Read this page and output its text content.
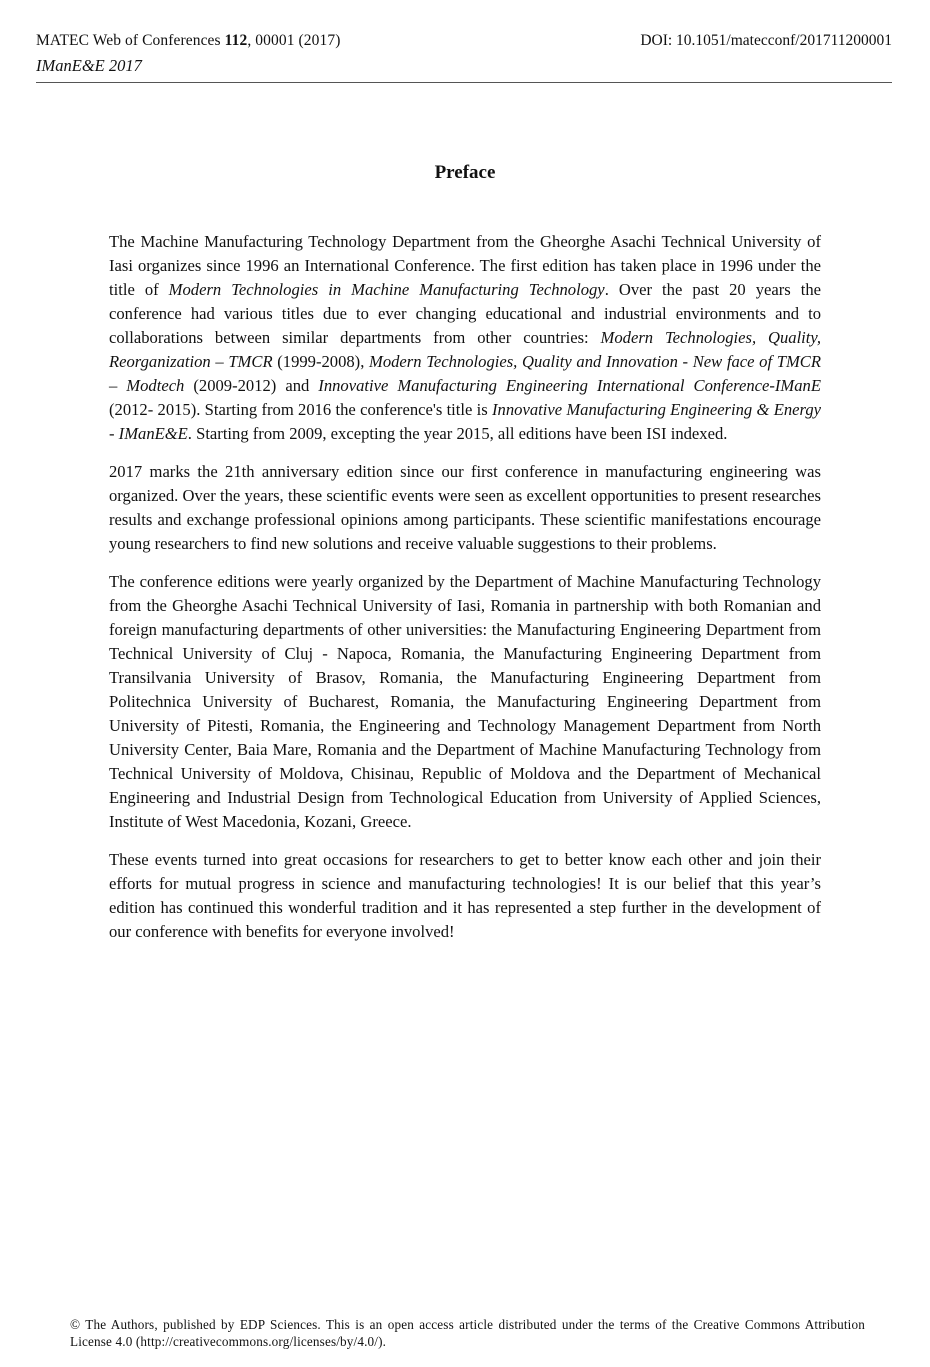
MATEC Web of Conferences 112, 00001 (2017)
IManE&E 2017
DOI: 10.1051/matecconf/201711200001
Preface

The Machine Manufacturing Technology Department from the Gheorghe Asachi Technical University of Iasi organizes since 1996 an International Conference. The first edition has taken place in 1996 under the title of Modern Technologies in Machine Manufacturing Technology. Over the past 20 years the conference had various titles due to ever changing educational and industrial environments and to collaborations between similar departments from other countries: Modern Technologies, Quality, Reorganization – TMCR (1999-2008), Modern Technologies, Quality and Innovation - New face of TMCR – Modtech (2009-2012) and Innovative Manufacturing Engineering International Conference-IManE (2012- 2015). Starting from 2016 the conference's title is Innovative Manufacturing Engineering & Energy - IManE&E. Starting from 2009, excepting the year 2015, all editions have been ISI indexed.

2017 marks the 21th anniversary edition since our first conference in manufacturing engineering was organized. Over the years, these scientific events were seen as excellent opportunities to present researches results and exchange professional opinions among participants. These scientific manifestations encourage young researchers to find new solutions and receive valuable suggestions to their problems.

The conference editions were yearly organized by the Department of Machine Manufacturing Technology from the Gheorghe Asachi Technical University of Iasi, Romania in partnership with both Romanian and foreign manufacturing departments of other universities: the Manufacturing Engineering Department from Technical University of Cluj - Napoca, Romania, the Manufacturing Engineering Department from Transilvania University of Brasov, Romania, the Manufacturing Engineering Department from Politechnica University of Bucharest, Romania, the Manufacturing Engineering Department from University of Pitesti, Romania, the Engineering and Technology Management Department from North University Center, Baia Mare, Romania and the Department of Machine Manufacturing Technology from Technical University of Moldova, Chisinau, Republic of Moldova and the Department of Mechanical Engineering and Industrial Design from Technological Education from University of Applied Sciences, Institute of West Macedonia, Kozani, Greece.

These events turned into great occasions for researchers to get to better know each other and join their efforts for mutual progress in science and manufacturing technologies! It is our belief that this year’s edition has continued this wonderful tradition and it has represented a step further in the development of our conference with benefits for everyone involved!

© The Authors, published by EDP Sciences. This is an open access article distributed under the terms of the Creative Commons Attribution License 4.0 (http://creativecommons.org/licenses/by/4.0/).
